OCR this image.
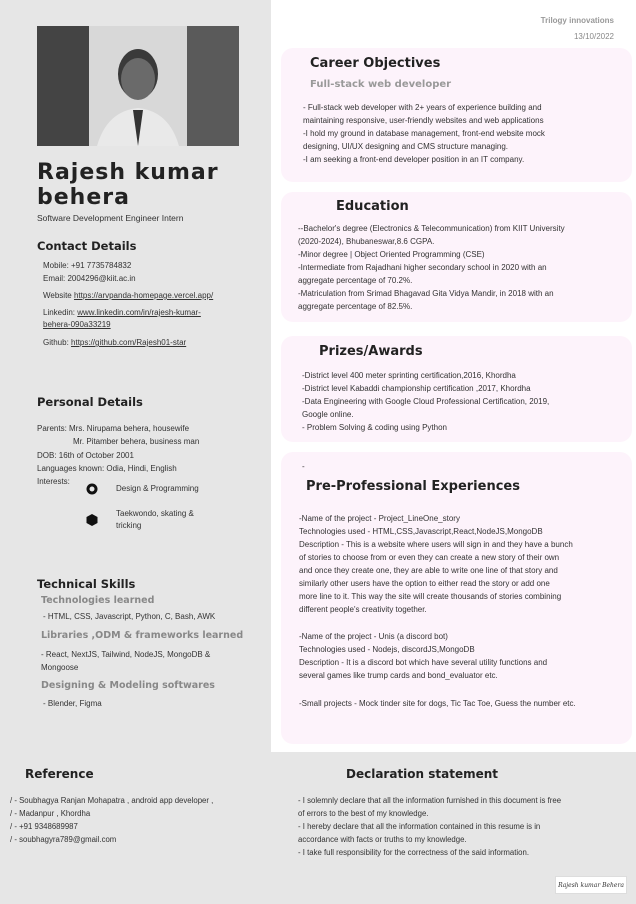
Trilogy innovations
13/10/2022
Rajesh kumar
behera
Software Development Engineer Intern
Contact Details
Mobile: +91 7735784832
Email: 2004296@kiit.ac.in
Website https://arvpanda-homepage.vercel.app/
Linkedin: www.linkedin.com/in/rajesh-kumar-
behera-090a33219
Github: https://github.com/Rajesh01-star
Personal Details
Parents: Mrs. Nirupama behera, housewife
Mr. Pitamber behera, business man
DOB: 16th of October 2001
Languages known: Odia, Hindi, English
Interests:
Design & Programming
Taekwondo, skating &
tricking
Technical Skills
Technologies learned
- HTML, CSS, Javascript, Python, C, Bash, AWK
Libraries ,ODM & frameworks learned
- React, NextJS, Tailwind, NodeJS, MongoDB &
Mongoose
Designing & Modeling softwares
- Blender, Figma
Career Objectives
Full-stack web developer
- Full-stack web developer with 2+ years of experience building and
maintaining responsive, user-friendly websites and web applications
-I hold my ground in database management, front-end website mock
designing, UI/UX designing and CMS structure managing.
-I am seeking a front-end developer position in an IT company.
Education
--Bachelor's degree (Electronics & Telecommunication) from KIIT University
(2020-2024), Bhubaneswar,8.6 CGPA.
-Minor degree | Object Oriented Programming (CSE)
-Intermediate from Rajadhani higher secondary school in 2020 with an
aggregate percentage of 70.2%.
-Matriculation from Srimad Bhagavad Gita Vidya Mandir, in 2018 with an
aggregate percentage of 82.5%.
Prizes/Awards
-District level 400 meter sprinting certification,2016, Khordha
-District level Kabaddi championship certification ,2017, Khordha
-Data Engineering with Google Cloud Professional Certification, 2019,
Google online.
- Problem Solving & coding using Python
-
Pre-Professional Experiences
-Name of the project - Project_LineOne_story
Technologies used - HTML,CSS,Javascript,React,NodeJS,MongoDB
Description - This is a website where users will sign in and they have a bunch
of stories to choose from or even they can create a new story of their own
and once they create one, they are able to write one line of that story and
similarly other users have the option to either read the story or add one
more line to it. This way the site will create thousands of stories combining
different people's creativity together.
-Name of the project - Unis (a discord bot)
Technologies used - Nodejs, discordJS,MongoDB
Description - It is a discord bot which have several utility functions and
several games like trump cards and bond_evaluator etc.
-Small projects - Mock tinder site for dogs, Tic Tac Toe, Guess the number etc.
Reference
/ - Soubhagya Ranjan Mohapatra , android app developer ,
/ - Madanpur , Khordha
/ - +91 9348689987
/ - soubhagyra789@gmail.com
Declaration statement
- I solemnly declare that all the information furnished in this document is free
of errors to the best of my knowledge.
- I hereby declare that all the information contained in this resume is in
accordance with facts or truths to my knowledge.
- I take full responsibility for the correctness of the said information.
Rajesh kumar Behera
